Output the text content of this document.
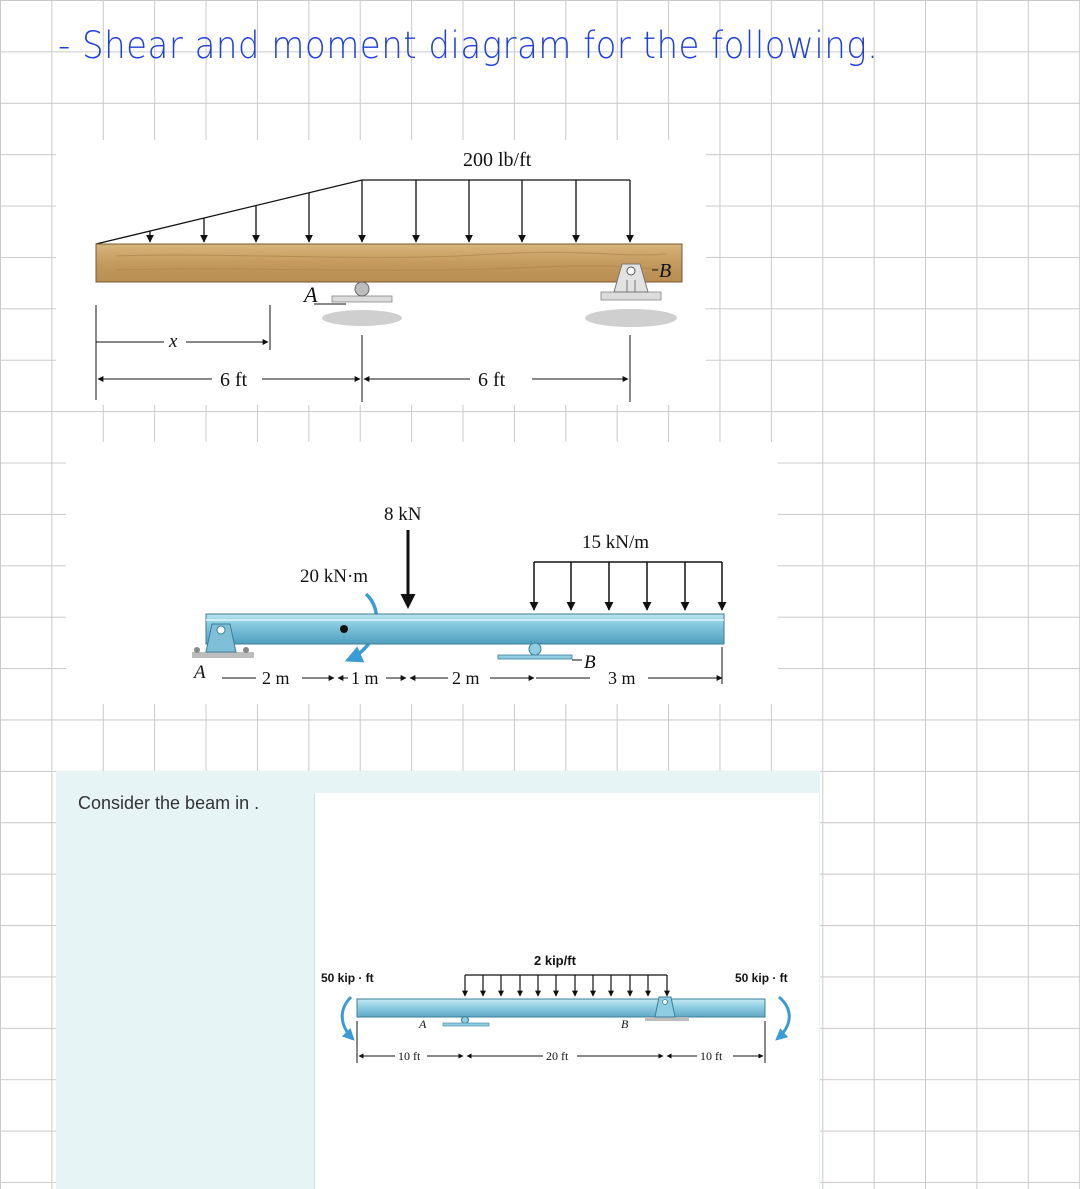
- Shear and moment diagram for the following.
200 lb/ft
A
B
x
6 ft	6 ft
8 kN
20 kN·m
15 kN/m
A	B
2 m	1 m	2 m	3 m
Consider the beam in .
2 kip/ft
50 kip · ft	50 kip · ft
A	B
10 ft	20 ft	10 ft
